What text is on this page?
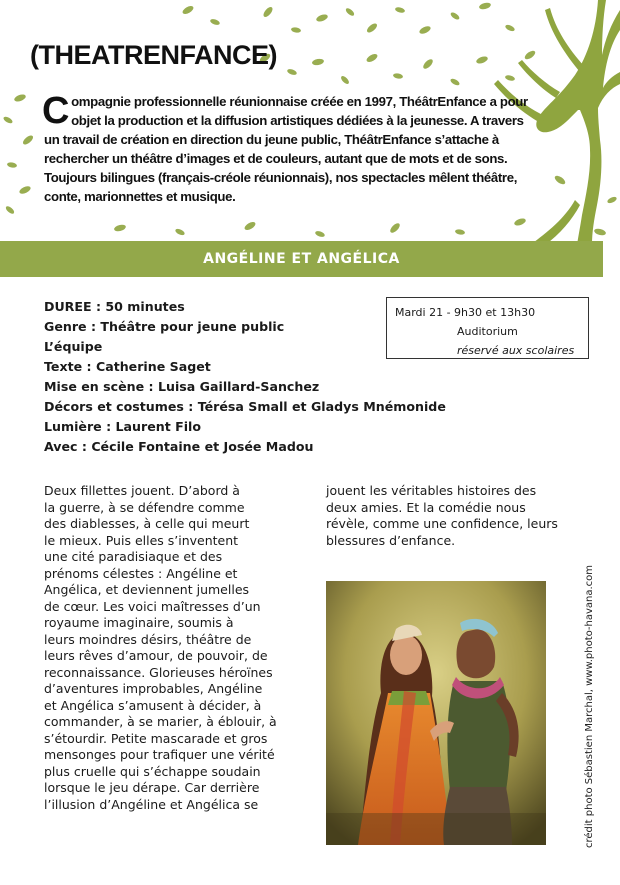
(THEATRENFANCE)
C ompagnie professionnelle réunionnaise créée en 1997, ThéâtrEnfance a pour
objet la production et la diffusion artistiques dédiées à la jeunesse. A travers
un travail de création en direction du jeune public, ThéâtrEnfance s’attache à
rechercher un théâtre d’images et de couleurs, autant que de mots et de sons.
Toujours bilingues (français-créole réunionnais), nos spectacles mêlent théâtre,
conte, marionnettes et musique.
ANGÉLINE ET ANGÉLICA
DUREE : 50 minutes
Genre : Théâtre pour jeune public
L’équipe
Texte : Catherine Saget
Mise en scène : Luisa Gaillard-Sanchez
Décors et costumes : Térésa Small et Gladys Mnémonide
Lumière : Laurent Filo
Avec : Cécile Fontaine et Josée Madou
Mardi 21 - 9h30 et 13h30
Auditorium
réservé aux scolaires
Deux fillettes jouent. D’abord à
la guerre, à se défendre comme
des diablesses, à celle qui meurt
le mieux. Puis elles s’inventent
une cité paradisiaque et des
prénoms célestes : Angéline et
Angélica, et deviennent jumelles
de cœur. Les voici maîtresses d’un
royaume imaginaire, soumis à
leurs moindres désirs, théâtre de
leurs rêves d’amour, de pouvoir, de
reconnaissance. Glorieuses héroïnes
d’aventures improbables, Angéline
et Angélica s’amusent à décider, à
commander, à se marier, à éblouir, à
s’étourdir. Petite mascarade et gros
mensonges pour trafiquer une vérité
plus cruelle qui s’échappe soudain
lorsque le jeu dérape. Car derrière
l’illusion d’Angéline et Angélica se
jouent les véritables histoires des
deux amies. Et la comédie nous
révèle, comme une confidence, leurs
blessures d’enfance.
crédit photo Sébastien Marchal, www.photo-havana.com
